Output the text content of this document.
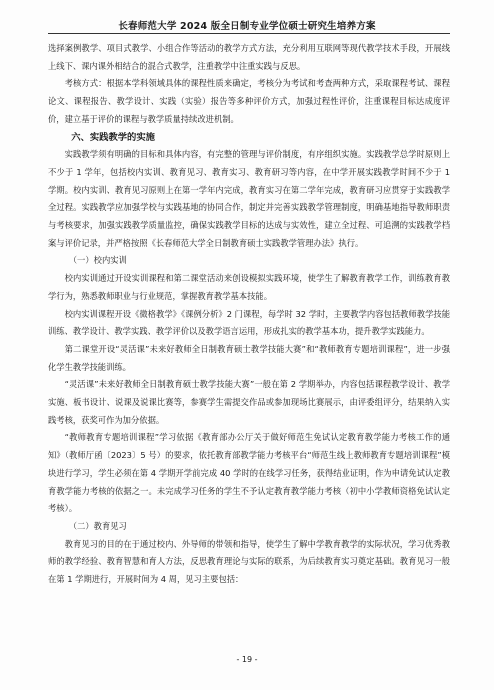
长春师范大学 2024 版全日制专业学位硕士研究生培养方案

选择案例教学、项目式教学、小组合作等活动的教学方式方法，充分利用互联网等现代教学技术手段，开展线上线下、课内课外相结合的混合式教学，注重教学中注重实践与反思。

考核方式：根据本学科领域具体的课程性质来确定，考核分为考试和考查两种方式，采取课程考试、课程论文、课程报告、教学设计、实践（实验）报告等多种评价方式，加强过程性评价，注重课程目标达成度评价，建立基于评价的课程与教学质量持续改进机制。

六、实践教学的实施

实践教学须有明确的目标和具体内容，有完整的管理与评价制度，有序组织实施。实践教学总学时原则上不少于 1 学年，包括校内实训、教育见习、教育实习、教育研习等内容，在中学开展实践教学时间不少于 1 学期。校内实训、教育见习原则上在第一学年内完成，教育实习在第二学年完成，教育研习应贯穿于实践教学全过程。实践教学应加强学校与实践基地的协同合作，制定并完善实践教学管理制度，明确基地指导教师职责与考核要求，加强实践教学质量监控，确保实践教学目标的达成与实效性，建立全过程、可追溯的实践教学档案与评价记录，并严格按照《长春师范大学全日制教育硕士实践教学管理办法》执行。

（一）校内实训

校内实训通过开设实训课程和第二课堂活动来创设模拟实践环境，使学生了解教育教学工作，训练教育教学行为，熟悉教师职业与行业规范，掌握教育教学基本技能。

校内实训课程开设《微格教学》《课例分析》2 门课程，每学时 32 学时，主要教学内容包括教师教学技能训练、教学设计、教学实践、教学评价以及教学语言运用，形成扎实的教学基本功，提升教学实践能力。

第二课堂开设“灵活课”未来好教师全日制教育硕士教学技能大赛”和“教师教育专题培训课程”，进一步强化学生教学技能训练。

“灵活课”未来好教师全日制教育硕士教学技能大赛”一般在第 2 学期举办，内容包括课程教学设计、教学实施、板书设计、说课及说课比赛等，参赛学生需提交作品或参加现场比赛展示，由评委组评分，结果纳入实践考核，获奖可作为加分依据。

“教师教育专题培训课程”学习依据《教育部办公厅关于做好师范生免试认定教育教学能力考核工作的通知》（教师厅函〔2023〕5 号）的要求，依托教育部教学能力考核平台“师范生线上教师教育专题培训课程”模块进行学习，学生必须在第 4 学期开学前完成 40 学时的在线学习任务，获得结业证明，作为申请免试认定教育教学能力考核的依据之一。未完成学习任务的学生不予认定教育教学能力考核（初中小学教师资格免试认定考核）。

（二）教育见习

教育见习的目的在于通过校内、外导师的带领和指导，使学生了解中学教育教学的实际状况，学习优秀教师的教学经验、教育智慧和育人方法，反思教育理论与实际的联系，为后续教育实习奠定基础。教育见习一般在第 1 学期进行，开展时间为 4 周，见习主要包括：

- 19 -
